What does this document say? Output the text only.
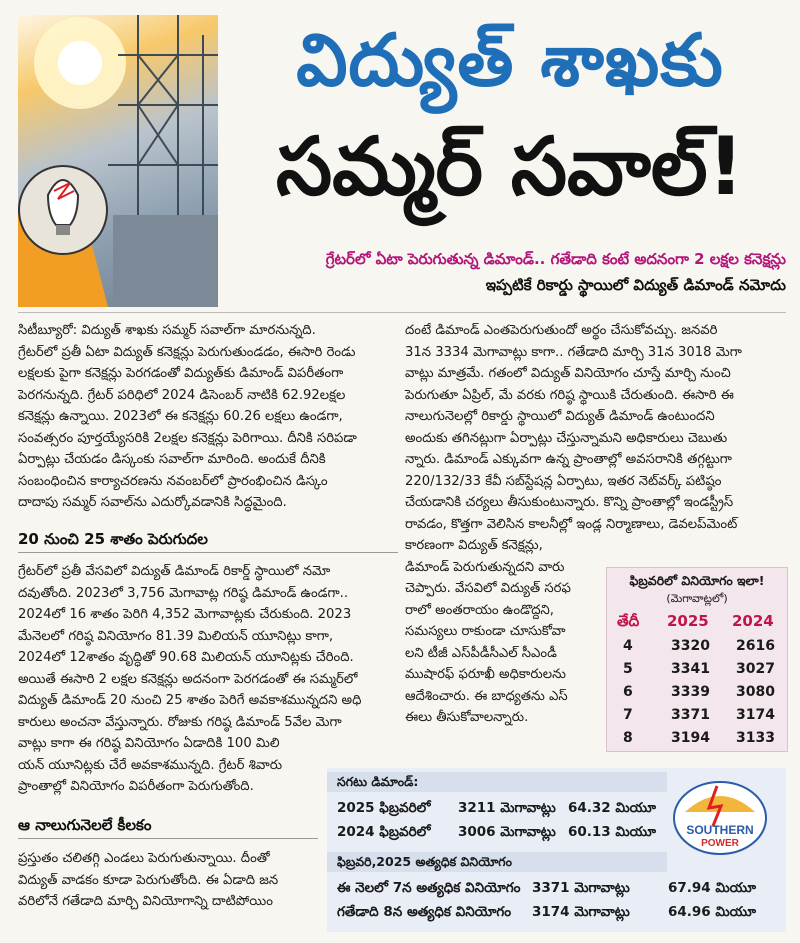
విద్యుత్ శాఖకు
సమ్మర్ సవాల్!
గ్రేటర్‌లో ఏటా పెరుగుతున్న డిమాండ్.. గతేడాది కంటే అదనంగా 2 లక్షల కనెక్షన్లు
ఇప్పటికే రికార్డు స్థాయిలో విద్యుత్ డిమాండ్ నమోదు

సిటీబ్యూరో: విద్యుత్ శాఖకు సమ్మర్ సవాల్‌గా మారనున్నది.

గ్రేటర్‌లో ప్రతీ ఏటా విద్యుత్ కనెక్షన్లు పెరుగుతుండడం, ఈసారి రెండు

లక్షలకు పైగా కనెక్షన్లు పెరగడంతో విద్యుత్‌కు డిమాండ్ విపరీతంగా

పెరగనున్నది. గ్రేటర్ పరిధిలో 2024 డిసెంబర్ నాటికి 62.92లక్షల

కనెక్షన్లు ఉన్నాయి. 2023లో ఈ కనెక్షన్లు 60.26 లక్షలు ఉండగా,

సంవత్సరం పూర్తయ్యేసరికి 2లక్షల కనెక్షన్లు పెరిగాయి. దీనికి సరిపడా

ఏర్పాట్లు చేయడం డిస్కంకు సవాల్‌గా మారింది. అందుకే దీనికి

సంబంధించిన కార్యాచరణను నవంబర్‌లో ప్రారంభించిన డిస్కం

దాదాపు సమ్మర్ సవాల్‌ను ఎదుర్కోవడానికి సిద్ధమైంది.

20 నుంచి 25 శాతం పెరుగుదల

గ్రేటర్‌లో ప్రతీ వేసవిలో విద్యుత్ డిమాండ్ రికార్డ్ స్థాయిలో నమో

దవుతోంది. 2023లో 3,756 మెగావాట్ల గరిష్ఠ డిమాండ్ ఉండగా..

2024లో 16 శాతం పెరిగి 4,352 మెగావాట్లకు చేరుకుంది. 2023

మేనెలలో గరిష్ఠ వినియోగం 81.39 మిలియన్ యూనిట్లు కాగా,

2024లో 12శాతం వృద్ధితో 90.68 మిలియన్ యూనిట్లకు చేరింది.

అయితే ఈసారి 2 లక్షల కనెక్షన్లు అదనంగా పెరగడంతో ఈ సమ్మర్‌లో

విద్యుత్ డిమాండ్ 20 నుంచి 25 శాతం పెరిగే అవకాశమున్నదని అధి

కారులు అంచనా వేస్తున్నారు. రోజుకు గరిష్ఠ డిమాండ్ 5వేల మెగా

వాట్లు కాగా ఈ గరిష్ఠ వినియోగం ఏడాదికి 100 మిలి

యన్ యూనిట్లకు చేరే అవకాశమున్నది. గ్రేటర్ శివారు

ప్రాంతాల్లో వినియోగం విపరీతంగా పెరుగుతోంది.

ఆ నాలుగునెలలే కీలకం

ప్రస్తుతం చలితగ్గి ఎండలు పెరుగుతున్నాయి. దీంతో

విద్యుత్ వాడకం కూడా పెరుగుతోంది. ఈ ఏడాది జన

వరిలోనే గతేడాది మార్చి వినియోగాన్ని దాటిపోయిం

దంటే డిమాండ్ ఎంతపెరుగుతుందో అర్థం చేసుకోవచ్చు. జనవరి

31న 3334 మెగావాట్లు కాగా.. గతేడాది మార్చి 31న 3018 మెగా

వాట్లు మాత్రమే. గతంలో విద్యుత్ వినియోగం చూస్తే మార్చి నుంచి

పెరుగుతూ ఏప్రిల్, మే వరకు గరిష్ఠ స్థాయికి చేరుతుంది. ఈసారి ఈ

నాలుగునెలల్లో రికార్డు స్థాయిలో విద్యుత్ డిమాండ్ ఉంటుందని

అందుకు తగినట్లుగా ఏర్పాట్లు చేస్తున్నామని అధికారులు చెబుతు

న్నారు. డిమాండ్ ఎక్కువగా ఉన్న ప్రాంతాల్లో అవసరానికి తగ్గట్టుగా

220/132/33 కేవీ సబ్‌స్టేషన్ల ఏర్పాటు, ఇతర నెట్‌వర్క్ పటిష్ఠం

చేయడానికి చర్యలు తీసుకుంటున్నారు. కొన్ని ప్రాంతాల్లో ఇండస్ట్రీస్

రావడం, కొత్తగా వెలిసిన కాలనీల్లో ఇండ్ల నిర్మాణాలు, డెవలప్‌మెంట్

కారణంగా విద్యుత్ కనెక్షన్లు,

డిమాండ్ పెరుగుతున్నదని వారు

చెప్పారు. వేసవిలో విద్యుత్ సరఫ

రాలో అంతరాయం ఉండొద్దని,

సమస్యలు రాకుండా చూసుకోవా

లని టీజీ ఎస్‌పీడీసీఎల్ సీఎండీ

ముషారఫ్ ఫరూఖీ అధికారులను

ఆదేశించారు. ఈ బాధ్యతను ఎస్

ఈలు తీసుకోవాలన్నారు.

ఫిబ్రవరిలో వినియోగం ఇలా!
(మెగావాట్లలో)
తేదీ 2025 2024
4	3320 2616
5	3341 3027
6	3339 3080
7	3371 3174
8	3194 3133
సగటు డిమాండ్:
2025 ఫిబ్రవరిలో 3211 మెగావాట్లు 64.32 మియూ
2024 ఫిబ్రవరిలో 3006 మెగావాట్లు 60.13 మియూ
ఫిబ్రవరి,2025 అత్యధిక వినియోగం
ఈ నెలలో 7న అత్యధిక వినియోగం 3371 మెగావాట్లు	67.94 మియూ
గతేడాది 8న అత్యధిక వినియోగం 3174 మెగావాట్లు	64.96 మియూ
SOUTHERN
POWER
